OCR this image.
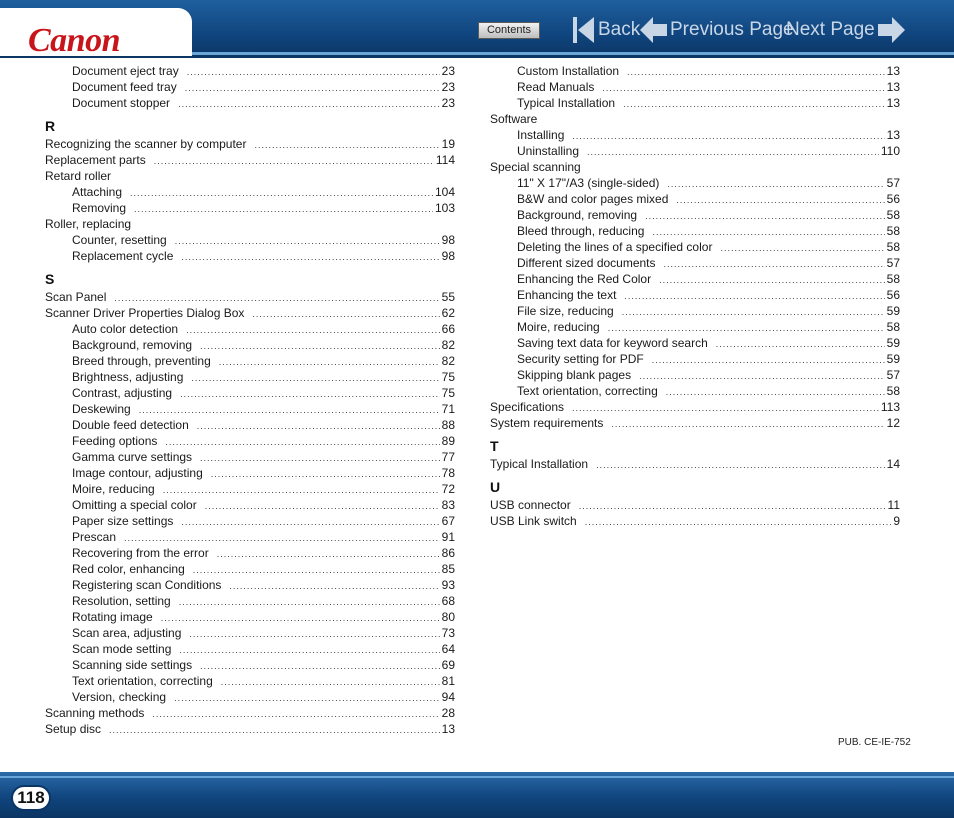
Canon	Contents	Back Previous Page
Next Page
Document eject tray .....	23
Document feed tray .....	23
Document stopper .....	23
R
Recognizing the scanner by computer .....	19
Replacement parts .....	114
Retard roller
Attaching .....	104
Removing .....	103
Roller, replacing
Counter, resetting .....	98
Replacement cycle .....	98
S
Scan Panel .....	55
Scanner Driver Properties Dialog Box .....	62
Auto color detection .....	66
Background, removing .....	82
Breed through, preventing .....	82
Brightness, adjusting .....	75
Contrast, adjusting .....	75
Deskewing .....	71
Double feed detection .....	88
Feeding options .....	89
Gamma curve settings .....	77
Image contour, adjusting .....	78
Moire, reducing .....	72
Omitting a special color .....	83
Paper size settings .....	67
Prescan .....	91
Recovering from the error .....	86
Red color, enhancing .....	85
Registering scan Conditions .....	93
Resolution, setting .....	68
Rotating image .....	80
Scan area, adjusting .....	73
Scan mode setting .....	64
Scanning side settings .....	69
Text orientation, correcting .....	81
Version, checking .....	94
Scanning methods .....	28
Setup disc .....	13
Custom Installation .....	13
Read Manuals .....	13
Typical Installation .....	13
Software
Installing .....	13
Uninstalling .....	110
Special scanning
11" X 17"/A3 (single-sided) .....	57
B&W and color pages mixed .....	56
Background, removing .....	58
Bleed through, reducing .....	58
Deleting the lines of a specified color .....	58
Different sized documents .....	57
Enhancing the Red Color .....	58
Enhancing the text .....	56
File size, reducing .....	59
Moire, reducing .....	58
Saving text data for keyword search .....	59
Security setting for PDF .....	59
Skipping blank pages .....	57
Text orientation, correcting .....	58
Specifications .....	113
System requirements .....	12
T
Typical Installation .....	14
U
USB connector .....	11
USB Link switch .....	9
PUB. CE-IE-752
118
